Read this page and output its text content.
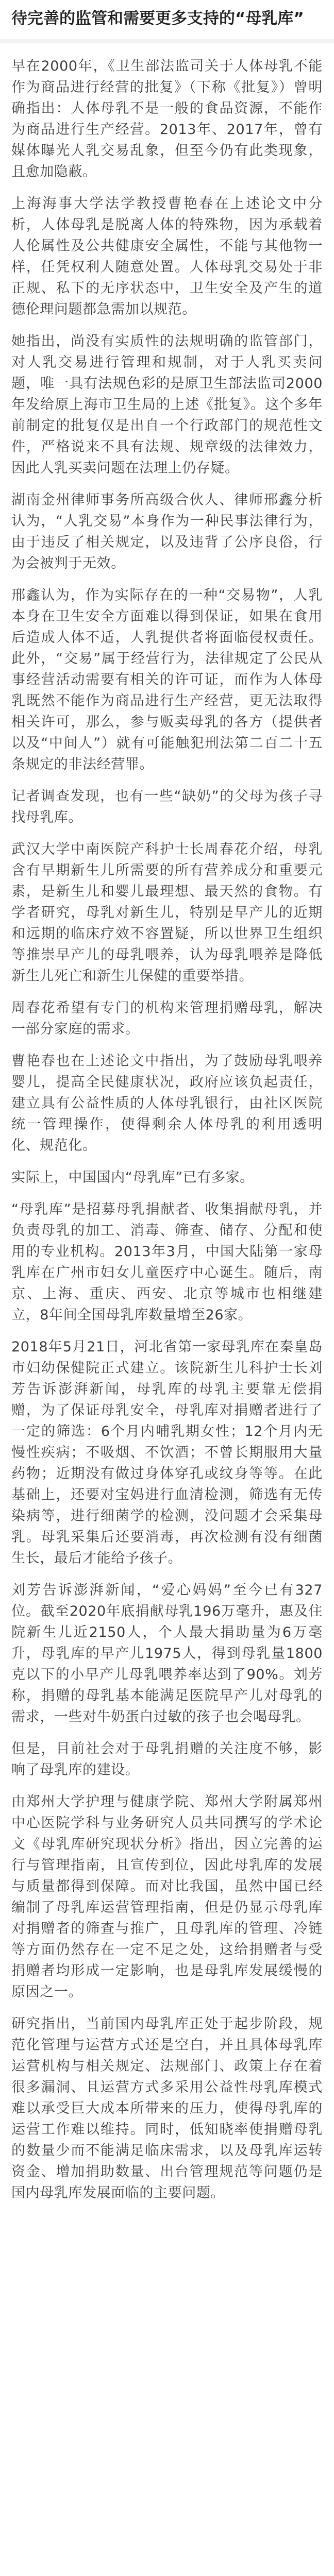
待完善的监管和需要更多支持的“母乳库”

早在2000年，《卫生部法监司关于人体母乳不能作为商品进行经营的批复》（下称《批复》）曾明确指出：人体母乳不是一般的食品资源，不能作为商品进行生产经营。2013年、2017年，曾有媒体曝光人乳交易乱象，但至今仍有此类现象，且愈加隐蔽。

上海海事大学法学教授曹艳春在上述论文中分析，人体母乳是脱离人体的特殊物，因为承载着人伦属性及公共健康安全属性，不能与其他物一样，任凭权利人随意处置。人体母乳交易处于非正规、私下的无序状态中，卫生安全及产生的道德伦理问题都急需加以规范。

她指出，尚没有实质性的法规明确的监管部门，对人乳交易进行管理和规制，对于人乳买卖问题，唯一具有法规色彩的是原卫生部法监司2000年发给原上海市卫生局的上述《批复》。这个多年前制定的批复仅是出自一个行政部门的规范性文件，严格说来不具有法规、规章级的法律效力，因此人乳买卖问题在法理上仍存疑。

湖南金州律师事务所高级合伙人、律师邢鑫分析认为，“人乳交易”本身作为一种民事法律行为，由于违反了相关规定，以及违背了公序良俗，行为会被判于无效。

邢鑫认为，作为实际存在的一种“交易物”，人乳本身在卫生安全方面难以得到保证，如果在食用后造成人体不适，人乳提供者将面临侵权责任。此外，“交易”属于经营行为，法律规定了公民从事经营活动需要有相关的许可证，而作为人体母乳既然不能作为商品进行生产经营，更无法取得相关许可，那么，参与贩卖母乳的各方（提供者以及“中间人”）就有可能触犯刑法第二百二十五条规定的非法经营罪。

记者调查发现，也有一些“缺奶”的父母为孩子寻找母乳库。

武汉大学中南医院产科护士长周春花介绍，母乳含有早期新生儿所需要的所有营养成分和重要元素，是新生儿和婴儿最理想、最天然的食物。有学者研究，母乳对新生儿，特别是早产儿的近期和远期的临床疗效不容置疑，所以世界卫生组织等推崇早产儿的母乳喂养，认为母乳喂养是降低新生儿死亡和新生儿保健的重要举措。

周春花希望有专门的机构来管理捐赠母乳，解决一部分家庭的需求。

曹艳春也在上述论文中指出，为了鼓励母乳喂养婴儿，提高全民健康状况，政府应该负起责任，建立具有公益性质的人体母乳银行，由社区医院统一管理操作，使得剩余人体母乳的利用透明化、规范化。

实际上，中国国内“母乳库”已有多家。

“母乳库”是招募母乳捐献者、收集捐献母乳，并负责母乳的加工、消毒、筛查、储存、分配和使用的专业机构。2013年3月，中国大陆第一家母乳库在广州市妇女儿童医疗中心诞生。随后，南京、上海、重庆、西安、北京等城市也相继建立，8年间全国母乳库数量增至26家。

2018年5月21日，河北省第一家母乳库在秦皇岛市妇幼保健院正式建立。该院新生儿科护士长刘芳告诉澎湃新闻，母乳库的母乳主要靠无偿捐赠，为了保证母乳安全，母乳库对捐赠者进行了一定的筛选：6个月内哺乳期女性；12个月内无慢性疾病；不吸烟、不饮酒；不曾长期服用大量药物；近期没有做过身体穿孔或纹身等等。在此基础上，还要对宝妈进行血清检测，筛选有无传染病等，进行细菌学的检测，没问题才会采集母乳。母乳采集后还要消毒，再次检测有没有细菌生长，最后才能给予孩子。

刘芳告诉澎湃新闻，“爱心妈妈”至今已有327位。截至2020年底捐献母乳196万毫升，惠及住院新生儿近2150人，个人最大捐助量为6万毫升，母乳库的早产儿1975人，得到母乳量1800克以下的小早产儿母乳喂养率达到了90%。刘芳称，捐赠的母乳基本能满足医院早产儿对母乳的需求，一些对牛奶蛋白过敏的孩子也会喝母乳。

但是，目前社会对于母乳捐赠的关注度不够，影响了母乳库的建设。

由郑州大学护理与健康学院、郑州大学附属郑州中心医院学科与业务研究人员共同撰写的学术论文《母乳库研究现状分析》指出，因立完善的运行与管理指南，且宣传到位，因此母乳库的发展与质量都得到保障。而对比我国，虽然中国已经编制了母乳库运营管理指南，但是仍显示母乳库对捐赠者的筛查与推广，且母乳库的管理、冷链等方面仍然存在一定不足之处，这给捐赠者与受捐赠者均形成一定影响，也是母乳库发展缓慢的原因之一。

研究指出，当前国内母乳库正处于起步阶段，规范化管理与运营方式还是空白，并且具体母乳库运营机构与相关规定、法规部门、政策上存在着很多漏洞、且运营方式多采用公益性母乳库模式难以承受巨大成本所带来的压力，使得母乳库的运营工作难以维持。同时，低知晓率使捐赠母乳的数量少而不能满足临床需求，以及母乳库运转资金、增加捐助数量、出台管理规范等问题仍是国内母乳库发展面临的主要问题。
